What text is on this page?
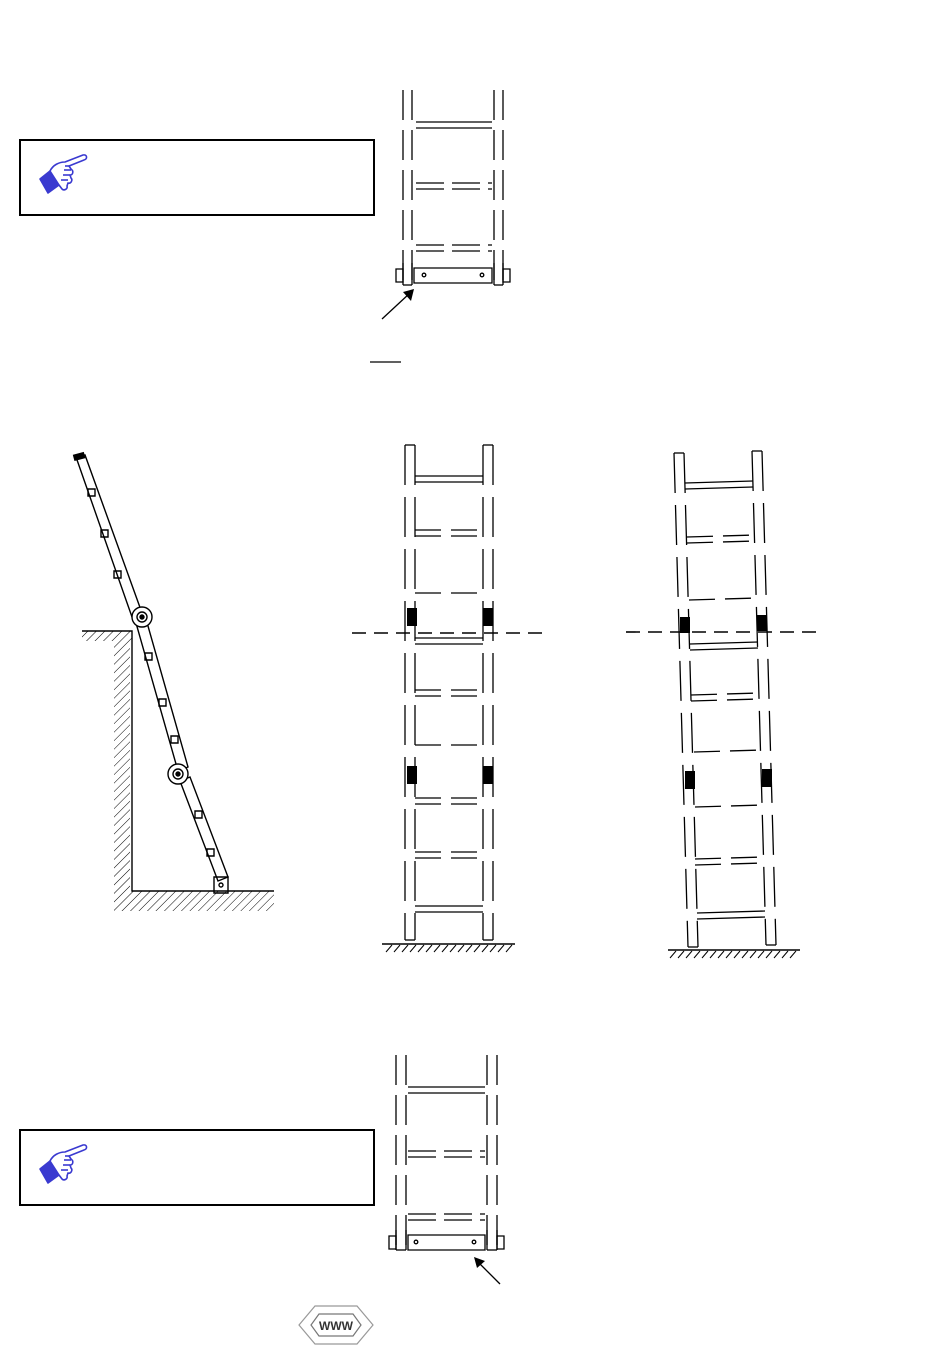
WWW
